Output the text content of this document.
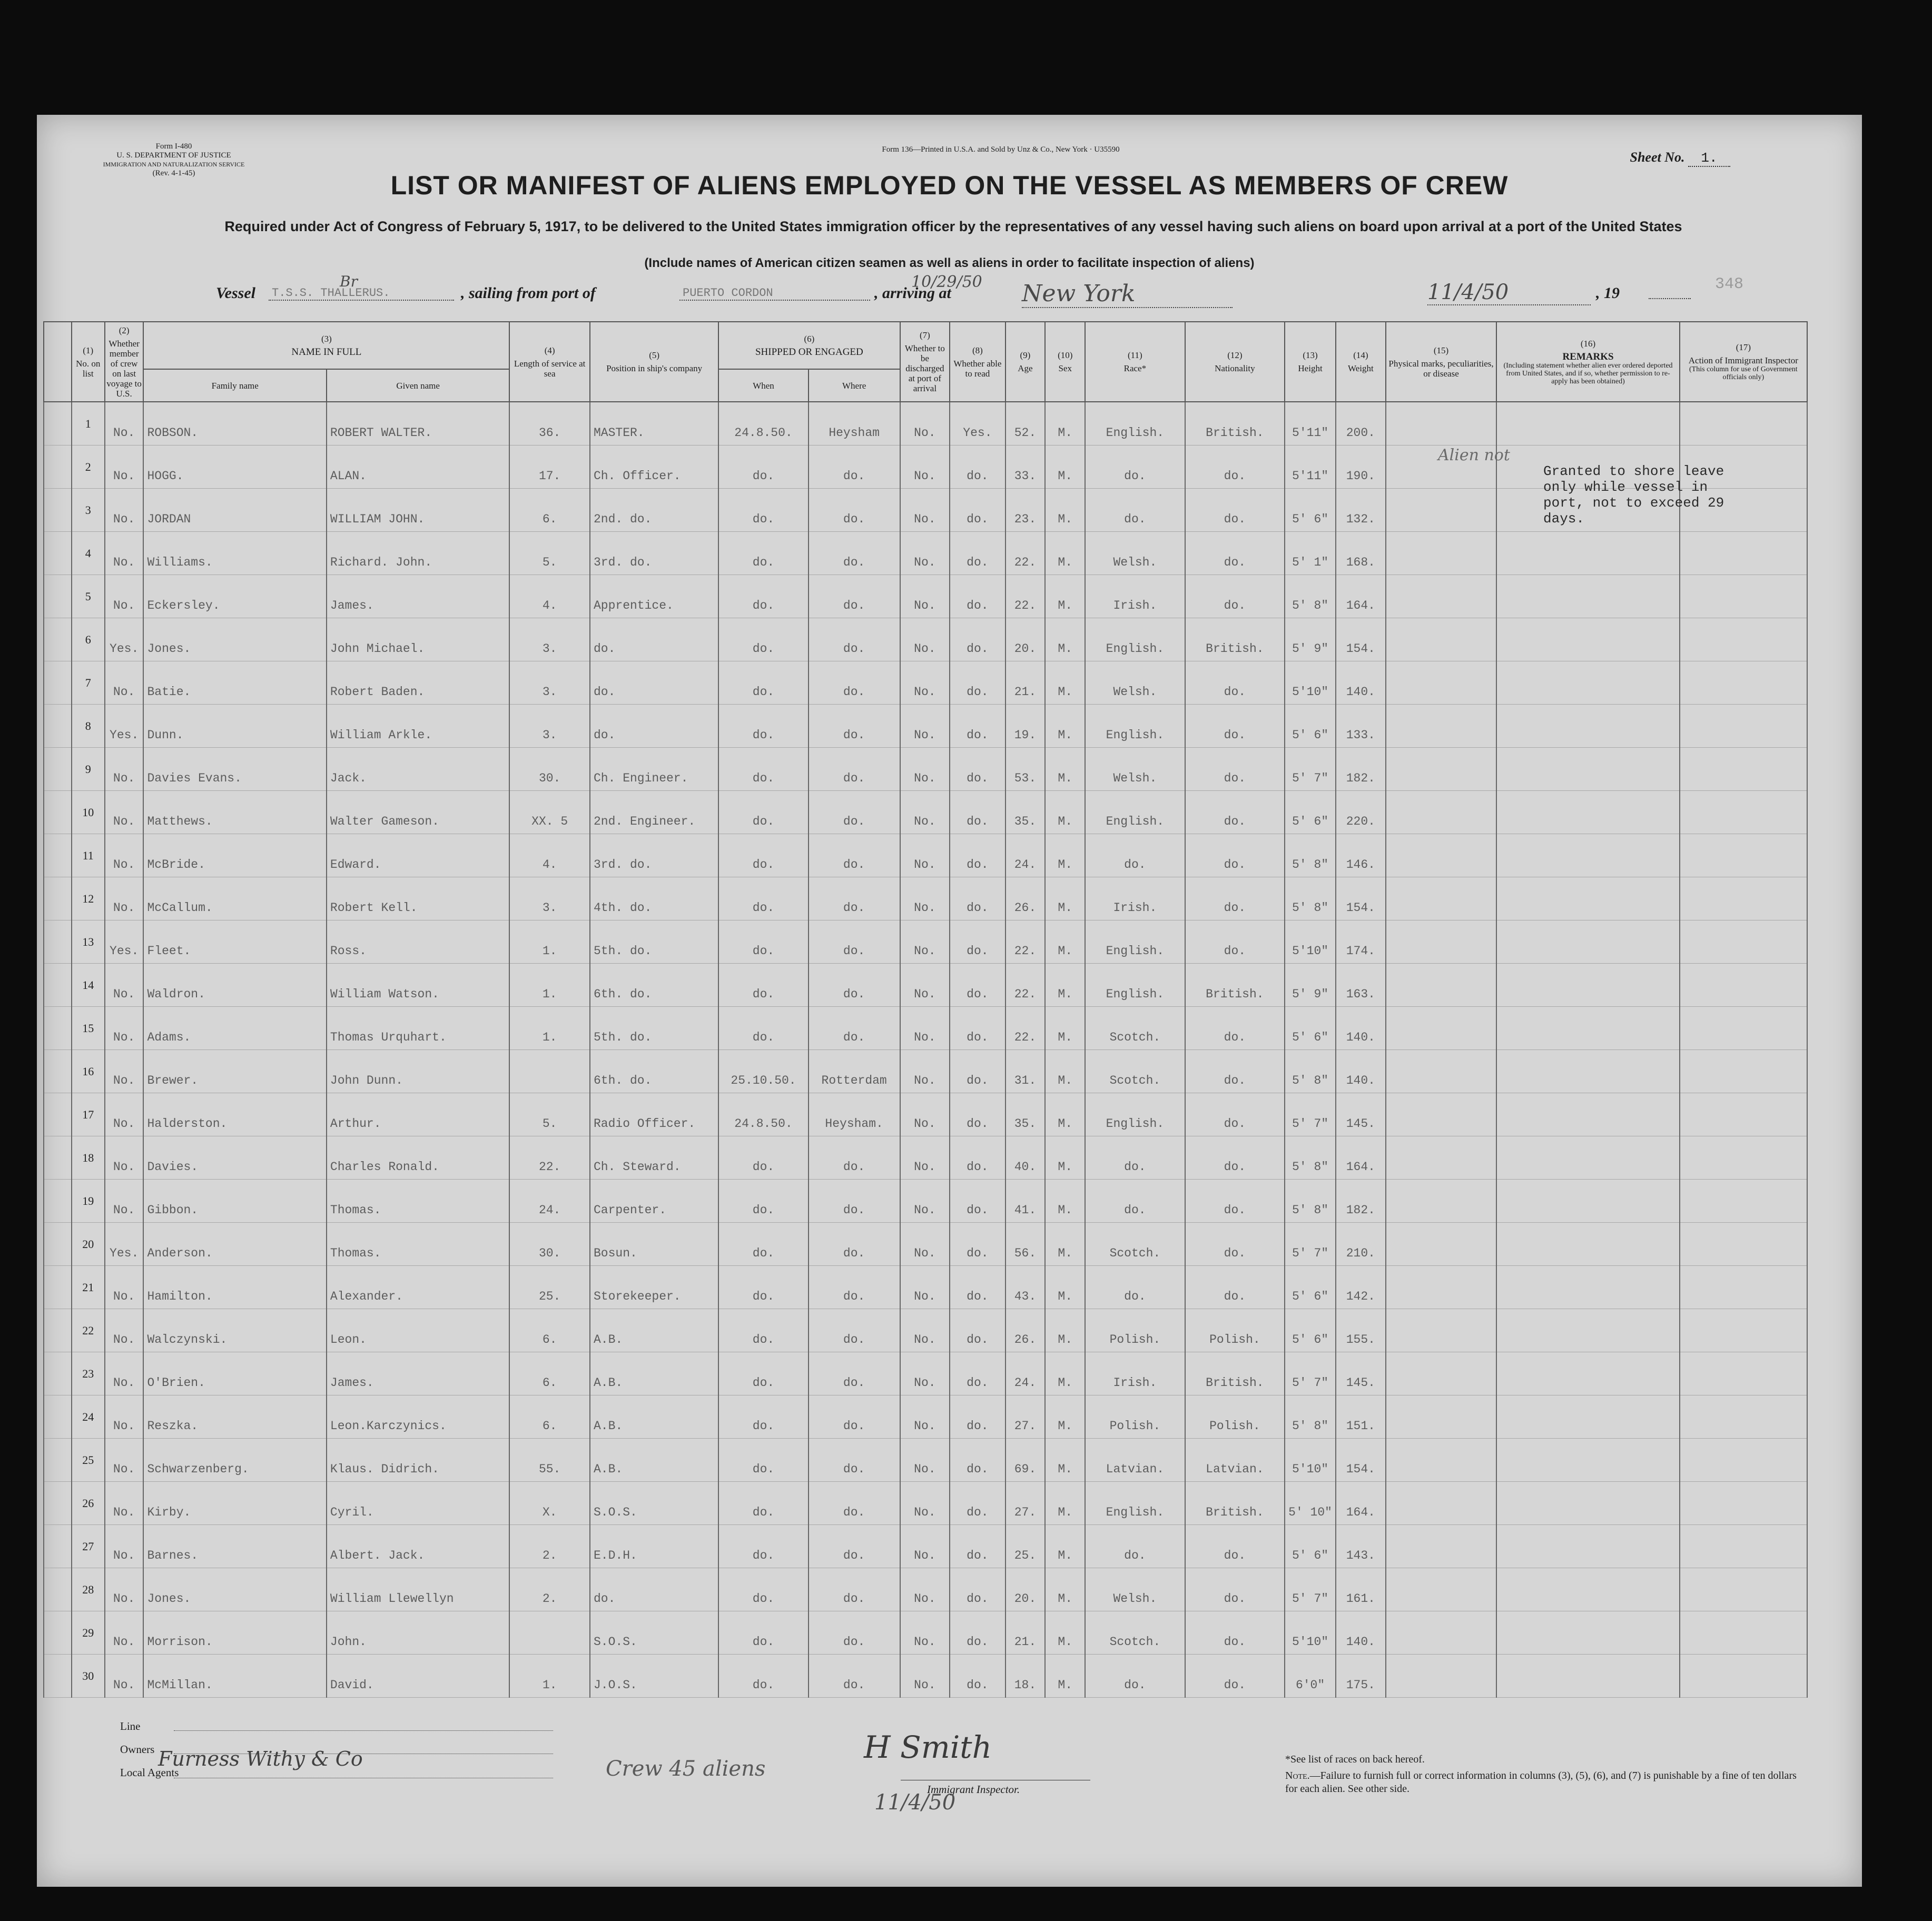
Form I-480
U. S. DEPARTMENT OF JUSTICE
IMMIGRATION AND NATURALIZATION SERVICE
(Rev. 4-1-45)
Form 136—Printed in U.S.A. and Sold by Unz & Co., New York · U35590	Sheet No. 1.
348
LIST OR MANIFEST OF ALIENS EMPLOYED ON THE VESSEL AS MEMBERS OF CREW
Required under Act of Congress of February 5, 1917, to be delivered to the United States immigration officer by the representatives of any vessel having such aliens on board upon arrival at a port of the United States
(Include names of American citizen seamen as well as aliens in order to facilitate inspection of aliens)
Vessel T.S.S. THALLERUS.
Br
, sailing from port of	PUERTO CORDON
10/29/50
, arriving at	New York	11/4/50	, 19

	(1)
No. on list	(2)
Whether member of crew on last voyage to U.S.	(3)
NAME IN FULL		(4)
Length of service at sea	(5)
Position in ship's company	(6)
SHIPPED OR ENGAGED		(7)
Whether to be discharged at port of arrival	(8)
Whether able to read	(9)
Age	(10)
Sex	(11)
Race*	(12)
Nationality	(13)
Height	(14)
Weight	(15)
Physical marks, peculiarities, or disease	(16)
REMARKS
(Including statement whether alien ever ordered deported from United States, and if so, whether permission to re-apply has been obtained)	(17)
Action of Immigrant Inspector
(This column for use of Government officials only)

			Family name	Given name			When	Where											
	1	No.	ROBSON.	ROBERT WALTER.	36.	MASTER.	24.8.50.	Heysham	No.	Yes.	52.	M.	English.	British.	5'11"	200.			
	2	No.	HOGG.	ALAN.	17.	Ch. Officer.	do.	do.	No.	do.	33.	M.	do.	do.	5'11"	190.			
	3	No.	JORDAN	WILLIAM JOHN.	6.	2nd. do.	do.	do.	No.	do.	23.	M.	do.	do.	5' 6"	132.			
	4	No.	Williams.	Richard. John.	5.	3rd. do.	do.	do.	No.	do.	22.	M.	Welsh.	do.	5' 1"	168.			
	5	No.	Eckersley.	James.	4.	Apprentice.	do.	do.	No.	do.	22.	M.	Irish.	do.	5' 8"	164.			
	6	Yes.	Jones.	John Michael.	3.	do.	do.	do.	No.	do.	20.	M.	English.	British.	5' 9"	154.			
	7	No.	Batie.	Robert Baden.	3.	do.	do.	do.	No.	do.	21.	M.	Welsh.	do.	5'10"	140.			
	8	Yes.	Dunn.	William Arkle.	3.	do.	do.	do.	No.	do.	19.	M.	English.	do.	5' 6"	133.			
	9	No.	Davies Evans.	Jack.	30.	Ch. Engineer.	do.	do.	No.	do.	53.	M.	Welsh.	do.	5' 7"	182.			
	10	No.	Matthews.	Walter Gameson.	XX. 5	2nd. Engineer.	do.	do.	No.	do.	35.	M.	English.	do.	5' 6"	220.			
	11	No.	McBride.	Edward.	4.	3rd. do.	do.	do.	No.	do.	24.	M.	do.	do.	5' 8"	146.			
	12	No.	McCallum.	Robert Kell.	3.	4th. do.	do.	do.	No.	do.	26.	M.	Irish.	do.	5' 8"	154.			
	13	Yes.	Fleet.	Ross.	1.	5th. do.	do.	do.	No.	do.	22.	M.	English.	do.	5'10"	174.			
	14	No.	Waldron.	William Watson.	1.	6th. do.	do.	do.	No.	do.	22.	M.	English.	British.	5' 9"	163.			
	15	No.	Adams.	Thomas Urquhart.	1.	5th. do.	do.	do.	No.	do.	22.	M.	Scotch.	do.	5' 6"	140.			
	16	No.	Brewer.	John Dunn.		6th. do.	25.10.50.	Rotterdam	No.	do.	31.	M.	Scotch.	do.	5' 8"	140.			
	17	No.	Halderston.	Arthur.	5.	Radio Officer.	24.8.50.	Heysham.	No.	do.	35.	M.	English.	do.	5' 7"	145.			
	18	No.	Davies.	Charles Ronald.	22.	Ch. Steward.	do.	do.	No.	do.	40.	M.	do.	do.	5' 8"	164.			
	19	No.	Gibbon.	Thomas.	24.	Carpenter.	do.	do.	No.	do.	41.	M.	do.	do.	5' 8"	182.			
	20	Yes.	Anderson.	Thomas.	30.	Bosun.	do.	do.	No.	do.	56.	M.	Scotch.	do.	5' 7"	210.			
	21	No.	Hamilton.	Alexander.	25.	Storekeeper.	do.	do.	No.	do.	43.	M.	do.	do.	5' 6"	142.			
	22	No.	Walczynski.	Leon.	6.	A.B.	do.	do.	No.	do.	26.	M.	Polish.	Polish.	5' 6"	155.			
	23	No.	O'Brien.	James.	6.	A.B.	do.	do.	No.	do.	24.	M.	Irish.	British.	5' 7"	145.			
	24	No.	Reszka.	Leon.Karczynics.	6.	A.B.	do.	do.	No.	do.	27.	M.	Polish.	Polish.	5' 8"	151.			
	25	No.	Schwarzenberg.	Klaus. Didrich.	55.	A.B.	do.	do.	No.	do.	69.	M.	Latvian.	Latvian.	5'10"	154.			
	26	No.	Kirby.	Cyril.	X.	S.O.S.	do.	do.	No.	do.	27.	M.	English.	British.	5' 10"	164.			
	27	No.	Barnes.	Albert. Jack.	2.	E.D.H.	do.	do.	No.	do.	25.	M.	do.	do.	5' 6"	143.			
	28	No.	Jones.	William Llewellyn	2.	do.	do.	do.	No.	do.	20.	M.	Welsh.	do.	5' 7"	161.			
	29	No.	Morrison.	John.		S.O.S.	do.	do.	No.	do.	21.	M.	Scotch.	do.	5'10"	140.			
	30	No.	McMillan.	David.	1.	J.O.S.	do.	do.	No.	do.	18.	M.	do.	do.	6'0"	175.			
Alien not
Granted to shore leave only while vessel in port, not to exceed 29 days.
Crew 45 aliens
Line
Owners
Local Agents
Immigrant Inspector.
*See list of races on back hereof.
Note.—Failure to furnish full or correct information in columns (3), (5), (6), and (7) is punishable by a fine of ten dollars for each alien. See other side.
Furness Withy & Co	H Smith
11/4/50
